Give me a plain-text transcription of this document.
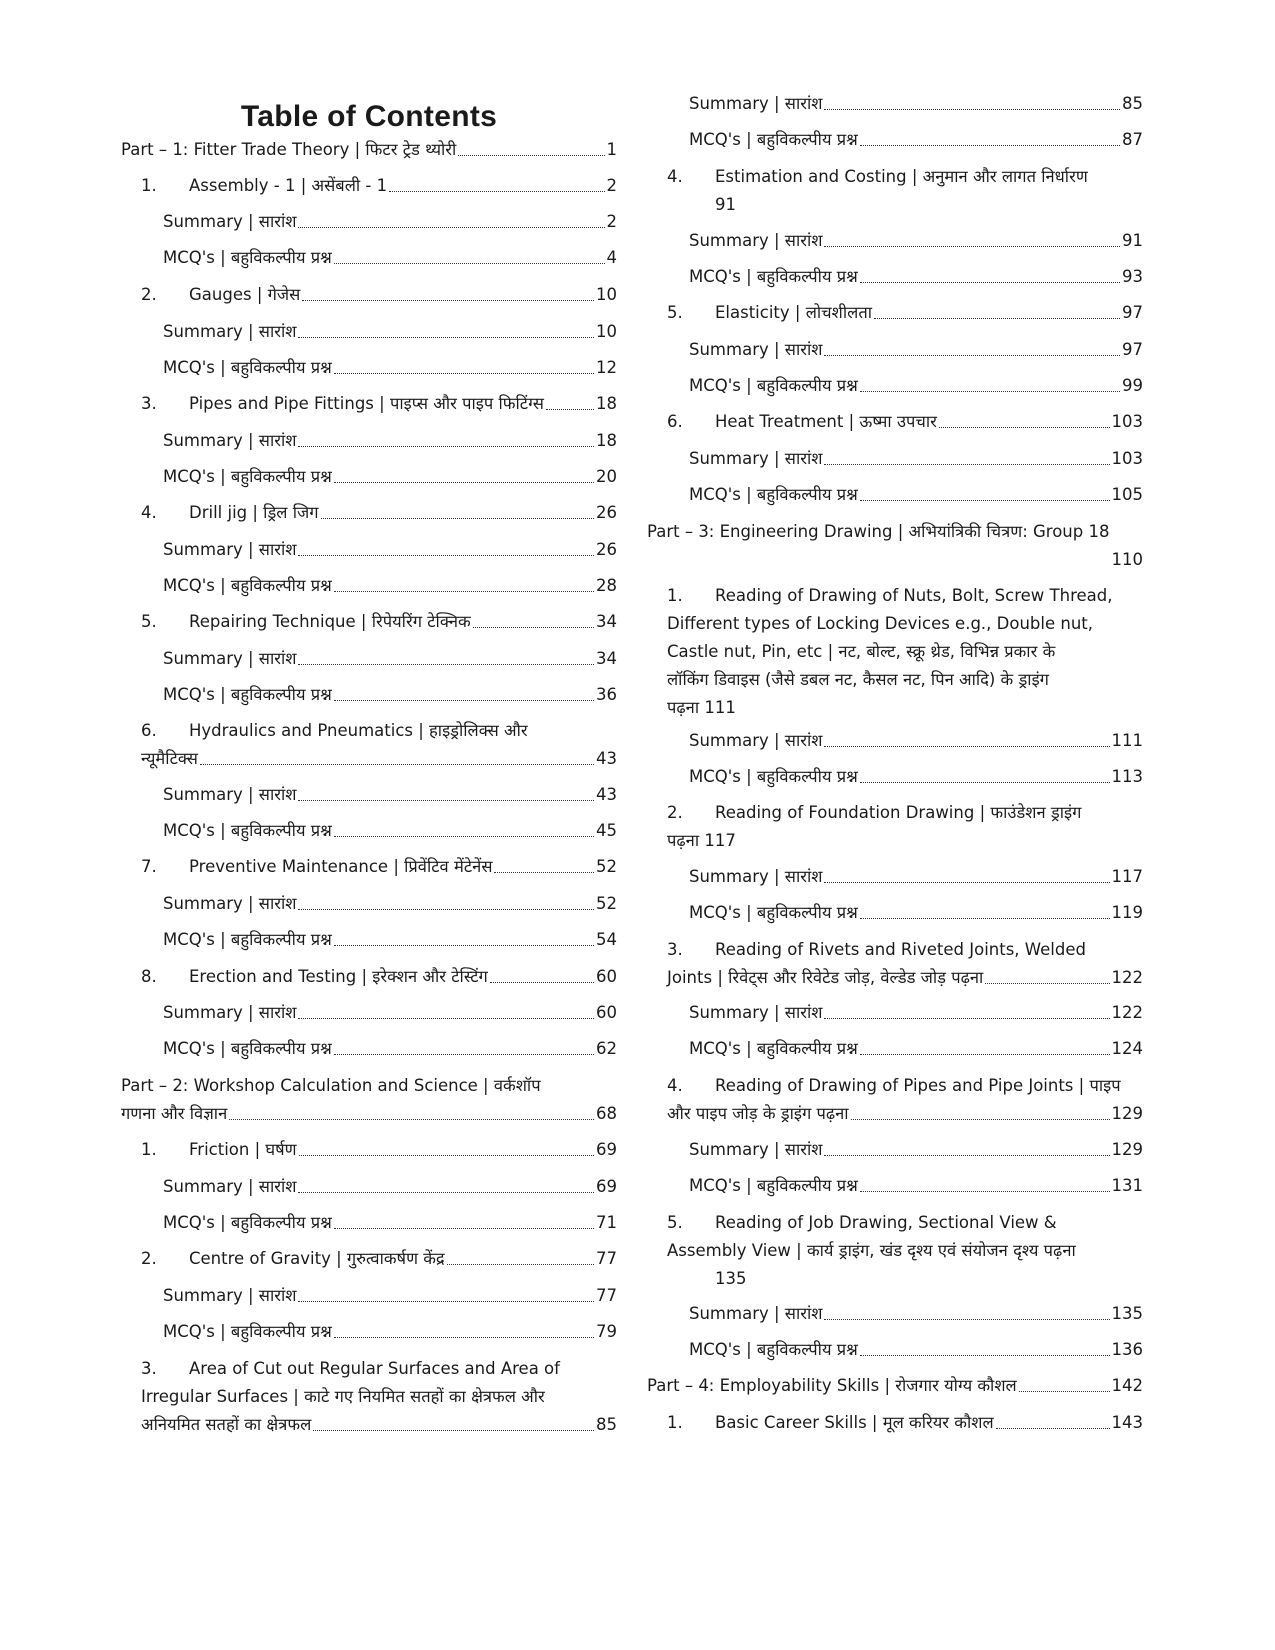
Table of Contents
Part – 1: Fitter Trade Theory | फिटर ट्रेड थ्योरी	1
1.	Assembly - 1 | असेंबली - 1	2
Summary | सारांश	2
MCQ's | बहुविकल्पीय प्रश्न	4
2.	Gauges | गेजेस	10
Summary | सारांश	10
MCQ's | बहुविकल्पीय प्रश्न	12
3.	Pipes and Pipe Fittings | पाइप्स और पाइप फिटिंग्स	18
Summary | सारांश	18
MCQ's | बहुविकल्पीय प्रश्न	20
4.	Drill jig | ड्रिल जिग	26
Summary | सारांश	26
MCQ's | बहुविकल्पीय प्रश्न	28
5.	Repairing Technique | रिपेयरिंग टेक्निक	34
Summary | सारांश	34
MCQ's | बहुविकल्पीय प्रश्न	36
6.	Hydraulics and Pneumatics | हाइड्रोलिक्स और
न्यूमैटिक्स	43
Summary | सारांश	43
MCQ's | बहुविकल्पीय प्रश्न	45
7.	Preventive Maintenance | प्रिवेंटिव मेंटेनेंस	52
Summary | सारांश	52
MCQ's | बहुविकल्पीय प्रश्न	54
8.	Erection and Testing | इरेक्शन और टेस्टिंग	60
Summary | सारांश	60
MCQ's | बहुविकल्पीय प्रश्न	62
Part – 2: Workshop Calculation and Science | वर्कशॉप
गणना और विज्ञान	68
1.	Friction | घर्षण	69
Summary | सारांश	69
MCQ's | बहुविकल्पीय प्रश्न	71
2.	Centre of Gravity | गुरुत्वाकर्षण केंद्र	77
Summary | सारांश	77
MCQ's | बहुविकल्पीय प्रश्न	79
3.	Area of Cut out Regular Surfaces and Area of
Irregular Surfaces | काटे गए नियमित सतहों का क्षेत्रफल और
अनियमित सतहों का क्षेत्रफल	85
Summary | सारांश	85
MCQ's | बहुविकल्पीय प्रश्न	87
4.	Estimation and Costing | अनुमान और लागत निर्धारण
91
Summary | सारांश	91
MCQ's | बहुविकल्पीय प्रश्न	93
5.	Elasticity | लोचशीलता	97
Summary | सारांश	97
MCQ's | बहुविकल्पीय प्रश्न	99
6.	Heat Treatment | ऊष्मा उपचार	103
Summary | सारांश	103
MCQ's | बहुविकल्पीय प्रश्न	105
Part – 3: Engineering Drawing | अभियांत्रिकी चित्रण: Group 18
110
1.	Reading of Drawing of Nuts, Bolt, Screw Thread,
Different types of Locking Devices e.g., Double nut,
Castle nut, Pin, etc | नट, बोल्ट, स्क्रू थ्रेड, विभिन्न प्रकार के
लॉकिंग डिवाइस (जैसे डबल नट, कैसल नट, पिन आदि) के ड्राइंग
पढ़ना
111
Summary | सारांश	111
MCQ's | बहुविकल्पीय प्रश्न	113
2.	Reading of Foundation Drawing | फाउंडेशन ड्राइंग
पढ़ना
117
Summary | सारांश	117
MCQ's | बहुविकल्पीय प्रश्न	119
3.	Reading of Rivets and Riveted Joints, Welded
Joints | रिवेट्स और रिवेटेड जोड़, वेल्डेड जोड़ पढ़ना	122
Summary | सारांश	122
MCQ's | बहुविकल्पीय प्रश्न	124
4.	Reading of Drawing of Pipes and Pipe Joints | पाइप
और पाइप जोड़ के ड्राइंग पढ़ना	129
Summary | सारांश	129
MCQ's | बहुविकल्पीय प्रश्न	131
5.	Reading of Job Drawing, Sectional View &
Assembly View | कार्य ड्राइंग, खंड दृश्य एवं संयोजन दृश्य पढ़ना
135
Summary | सारांश	135
MCQ's | बहुविकल्पीय प्रश्न	136
Part – 4: Employability Skills | रोजगार योग्य कौशल	142
1.	Basic Career Skills | मूल करियर कौशल	143
